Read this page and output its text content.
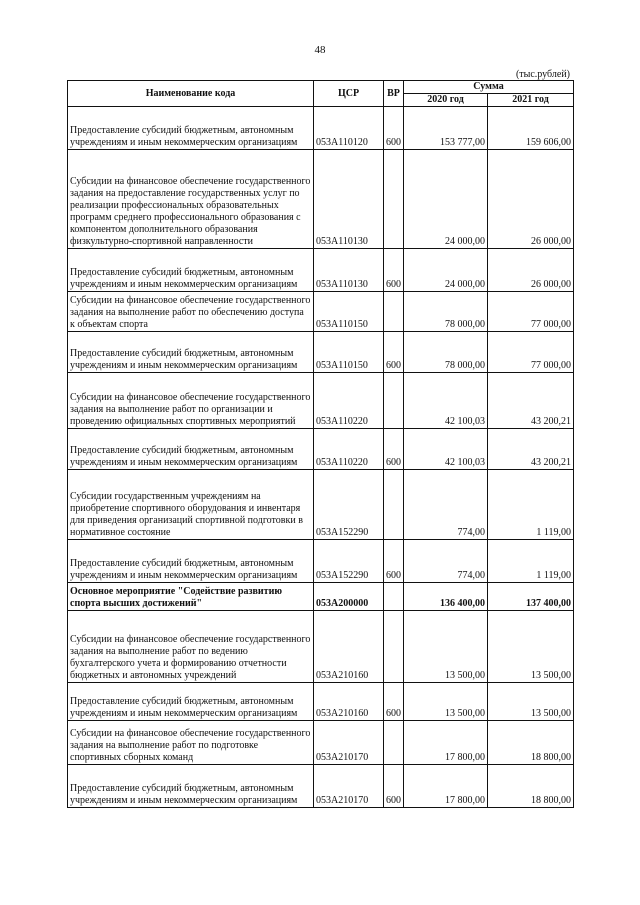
48
(тыс.рублей)
Наименование кода	ЦСР	ВР	Сумма	
			2020 год	2021 год
Предоставление субсидий бюджетным, автономным учреждениям и иным некоммерческим организациям	053А110120	600	153 777,00	159 606,00
Субсидии на финансовое обеспечение государственного задания на предоставление государственных услуг по реализации профессиональных образовательных программ среднего профессионального образования с компонентом дополнительного образования физкультурно-спортивной направленности	053А110130		24 000,00	26 000,00
Предоставление субсидий бюджетным, автономным учреждениям и иным некоммерческим организациям	053А110130	600	24 000,00	26 000,00
Субсидии на финансовое обеспечение государственного задания на выполнение работ по обеспечению доступа к объектам спорта	053А110150		78 000,00	77 000,00
Предоставление субсидий бюджетным, автономным учреждениям и иным некоммерческим организациям	053А110150	600	78 000,00	77 000,00
Субсидии на финансовое обеспечение государственного задания на выполнение работ по организации и проведению официальных спортивных мероприятий	053А110220		42 100,03	43 200,21
Предоставление субсидий бюджетным, автономным учреждениям и иным некоммерческим организациям	053А110220	600	42 100,03	43 200,21
Субсидии государственным учреждениям на приобретение спортивного оборудования и инвентаря для приведения организаций спортивной подготовки в нормативное состояние	053А152290		774,00	1 119,00
Предоставление субсидий бюджетным, автономным учреждениям и иным некоммерческим организациям	053А152290	600	774,00	1 119,00
Основное мероприятие "Содействие развитию спорта высших достижений"	053А200000		136 400,00	137 400,00
Субсидии на финансовое обеспечение государственного задания на выполнение работ по ведению бухгалтерского учета и формированию отчетности бюджетных и автономных учреждений	053А210160		13 500,00	13 500,00
Предоставление субсидий бюджетным, автономным учреждениям и иным некоммерческим организациям	053А210160	600	13 500,00	13 500,00
Субсидии на финансовое обеспечение государственного задания на выполнение работ по подготовке спортивных сборных команд	053А210170		17 800,00	18 800,00
Предоставление субсидий бюджетным, автономным учреждениям и иным некоммерческим организациям	053А210170	600	17 800,00	18 800,00
